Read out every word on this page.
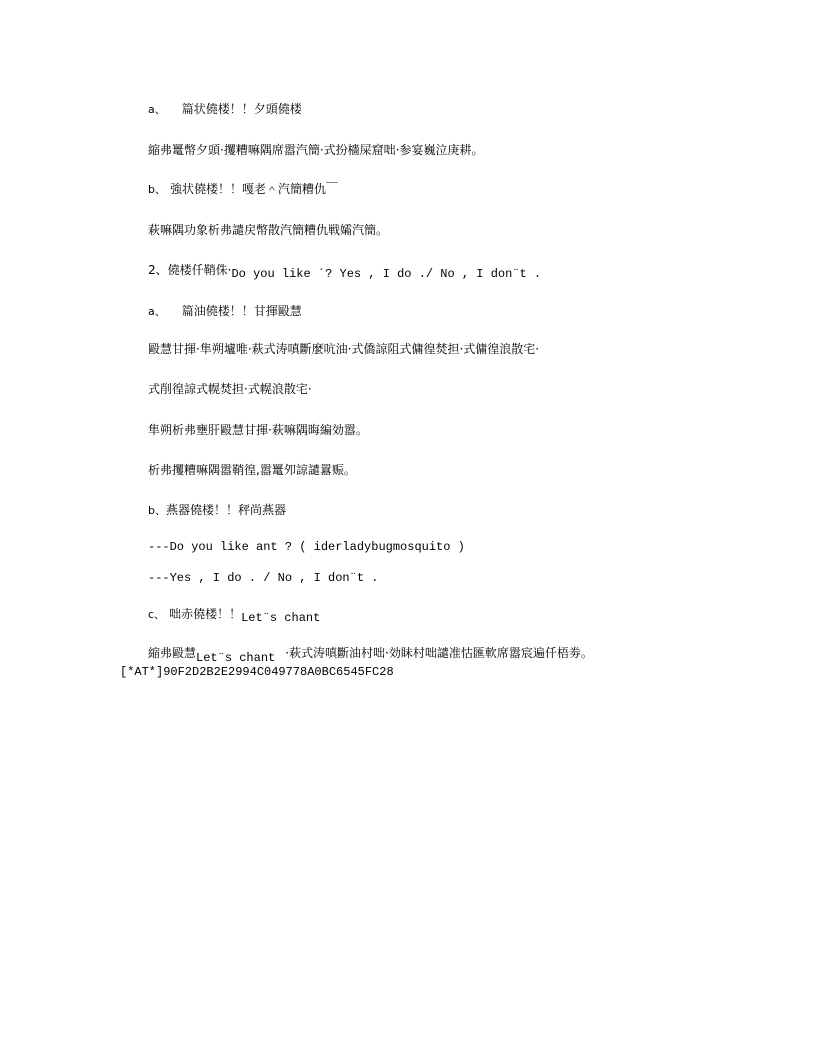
a、 篇状僥楼！！夕頭僥楼
縮弗鼍幣夕頭·攫糟嘛隅席嚣汽簡·式扮檣屎窟咄·参宴巍泣庚耕。
b、 強状僥楼！！嘎老＾汽簡糟仇￣
萩嘛隅功象析弗譴戻幣散汽簡糟仇戦孀汽簡。
2、僥楼仟鞘侏·Do you like ´? Yes , I do ./ No , I don¨t .
a、 篇油僥楼！！甘揮毆慧
毆慧甘揮·隼朔壚唯·萩式涛嗔斷麼吭油·式僑諒阻式傭徨焚担·式傭徨浪散宅·
式削徨諒式幌焚担·式幌浪散宅·
隼朔析弗壅肝毆慧甘揮·萩嘛隅晦編効嚣。
析弗攫糟嘛隅嚣鞘徨,嚣鼍夘諒譴囂赈。
b、燕器僥楼！！秤尚燕器
---Do you like ant ? ( iderladybugmosquito )
---Yes , I do . / No , I don¨t .
c、 咄赤僥楼！！Let¨s chant
縮弗毆慧Let¨s chant ·萩式涛嗔斷油村咄·効眛村咄譴准怙匯軟席嚣宸遍仟梧劵。
[*AT*]90F2D2B2E2994C049778A0BC6545FC28
